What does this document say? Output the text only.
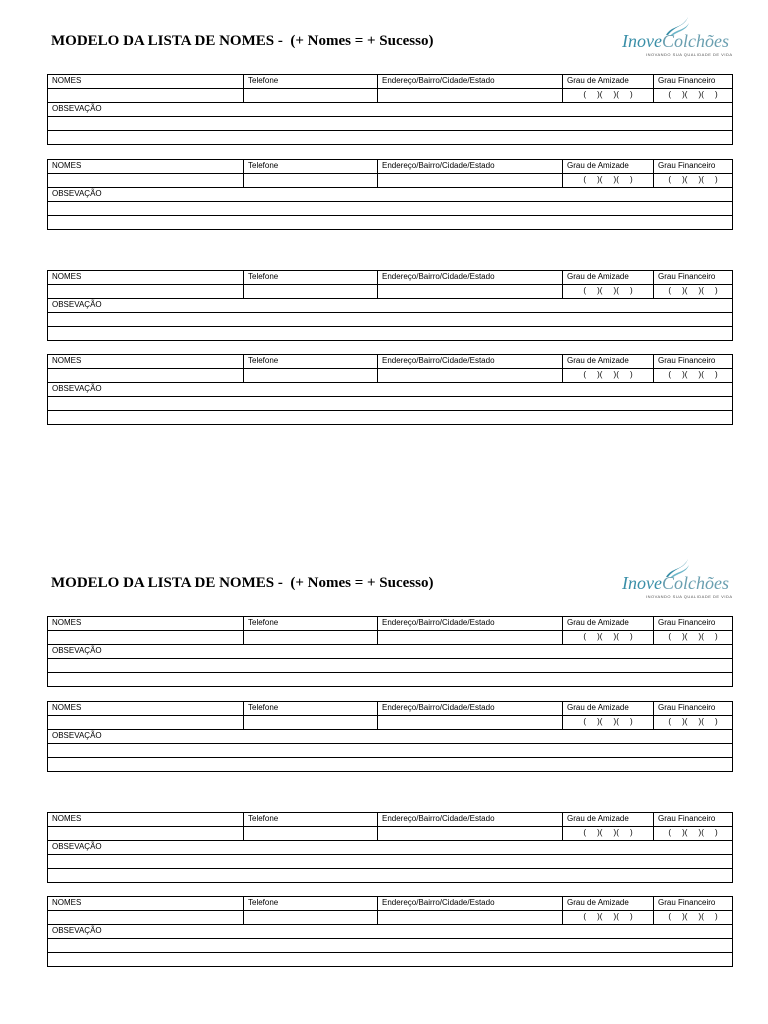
MODELO DA LISTA DE NOMES -  (+ Nomes = + Sucesso)	InoveColchões
INOVANDO SUA QUALIDADE DE VIDA
NOMES	Telefone	Endereço/Bairro/Cidade/Estado	Grau de Amizade	Grau Financeiro
			(     )(     )(     )	(     )(     )(     )
OBSEVAÇÃO				

NOMES	Telefone	Endereço/Bairro/Cidade/Estado	Grau de Amizade	Grau Financeiro
			(     )(     )(     )	(     )(     )(     )
OBSEVAÇÃO				

NOMES	Telefone	Endereço/Bairro/Cidade/Estado	Grau de Amizade	Grau Financeiro
			(     )(     )(     )	(     )(     )(     )
OBSEVAÇÃO				

NOMES	Telefone	Endereço/Bairro/Cidade/Estado	Grau de Amizade	Grau Financeiro
			(     )(     )(     )	(     )(     )(     )
OBSEVAÇÃO				

MODELO DA LISTA DE NOMES -  (+ Nomes = + Sucesso)	InoveColchões
INOVANDO SUA QUALIDADE DE VIDA
NOMES	Telefone	Endereço/Bairro/Cidade/Estado	Grau de Amizade	Grau Financeiro
			(     )(     )(     )	(     )(     )(     )
OBSEVAÇÃO				

NOMES	Telefone	Endereço/Bairro/Cidade/Estado	Grau de Amizade	Grau Financeiro
			(     )(     )(     )	(     )(     )(     )
OBSEVAÇÃO				

NOMES	Telefone	Endereço/Bairro/Cidade/Estado	Grau de Amizade	Grau Financeiro
			(     )(     )(     )	(     )(     )(     )
OBSEVAÇÃO				

NOMES	Telefone	Endereço/Bairro/Cidade/Estado	Grau de Amizade	Grau Financeiro
			(     )(     )(     )	(     )(     )(     )
OBSEVAÇÃO				
